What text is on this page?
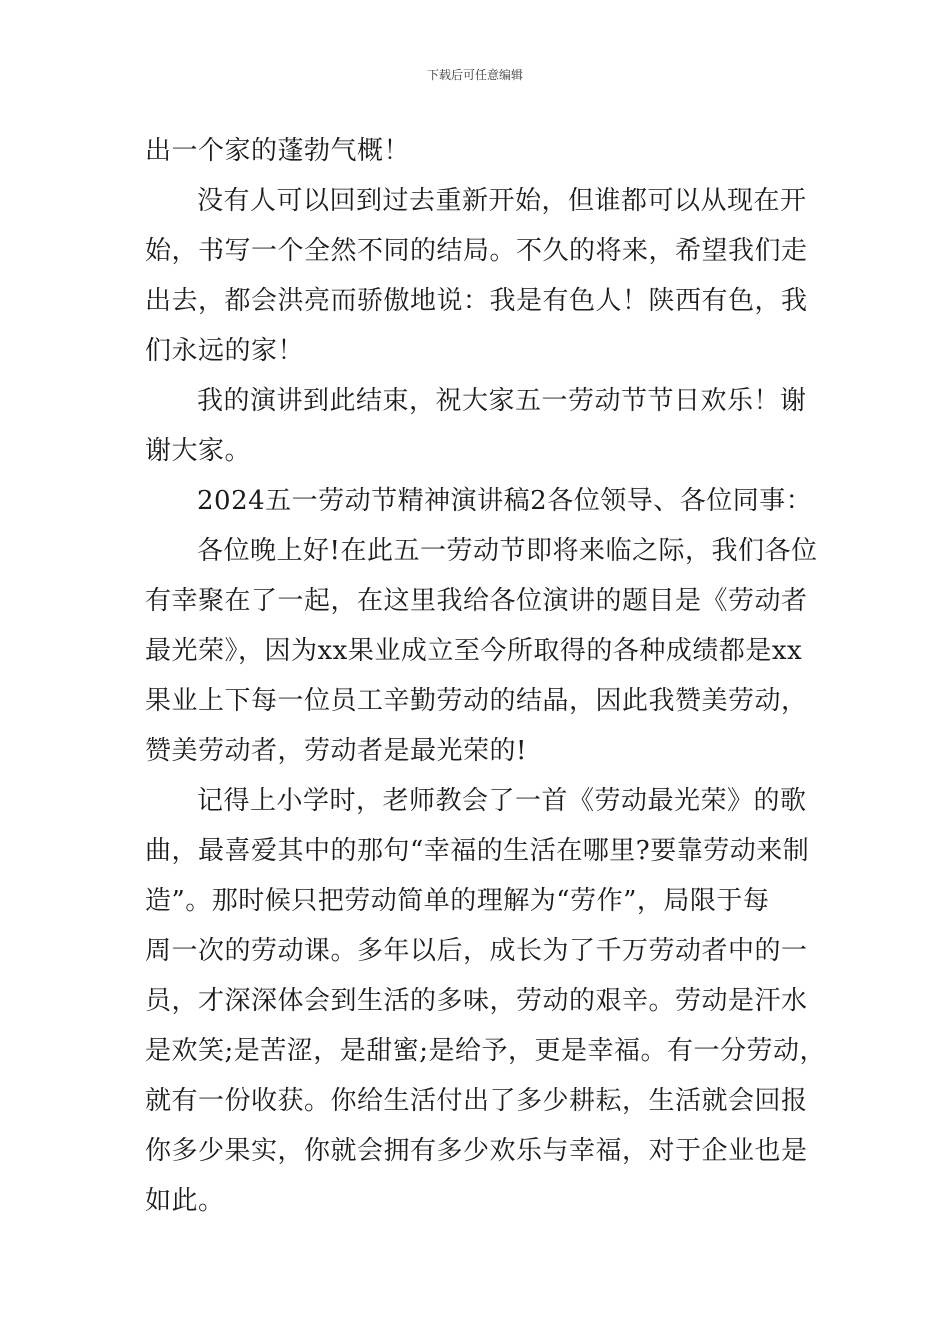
下载后可任意编辑
出一个家的蓬勃气概！
没有人可以回到过去重新开始，但谁都可以从现在开
始，书写一个全然不同的结局。不久的将来，希望我们走
出去，都会洪亮而骄傲地说：我是有色人！陕西有色，我
们永远的家！
我的演讲到此结束，祝大家五一劳动节节日欢乐！谢
谢大家。
2024五一劳动节精神演讲稿2各位领导、各位同事：
各位晚上好!在此五一劳动节即将来临之际，我们各位
有幸聚在了一起，在这里我给各位演讲的题目是《劳动者
最光荣》，因为xx果业成立至今所取得的各种成绩都是xx
果业上下每一位员工辛勤劳动的结晶，因此我赞美劳动，
赞美劳动者，劳动者是最光荣的!
记得上小学时，老师教会了一首《劳动最光荣》的歌
曲，最喜爱其中的那句“幸福的生活在哪里?要靠劳动来制
造”。那时候只把劳动简单的理解为“劳作”，局限于每
周一次的劳动课。多年以后，成长为了千万劳动者中的一
员，才深深体会到生活的多味，劳动的艰辛。劳动是汗水
是欢笑;是苦涩，是甜蜜;是给予，更是幸福。有一分劳动，
就有一份收获。你给生活付出了多少耕耘，生活就会回报
你多少果实，你就会拥有多少欢乐与幸福，对于企业也是
如此。
